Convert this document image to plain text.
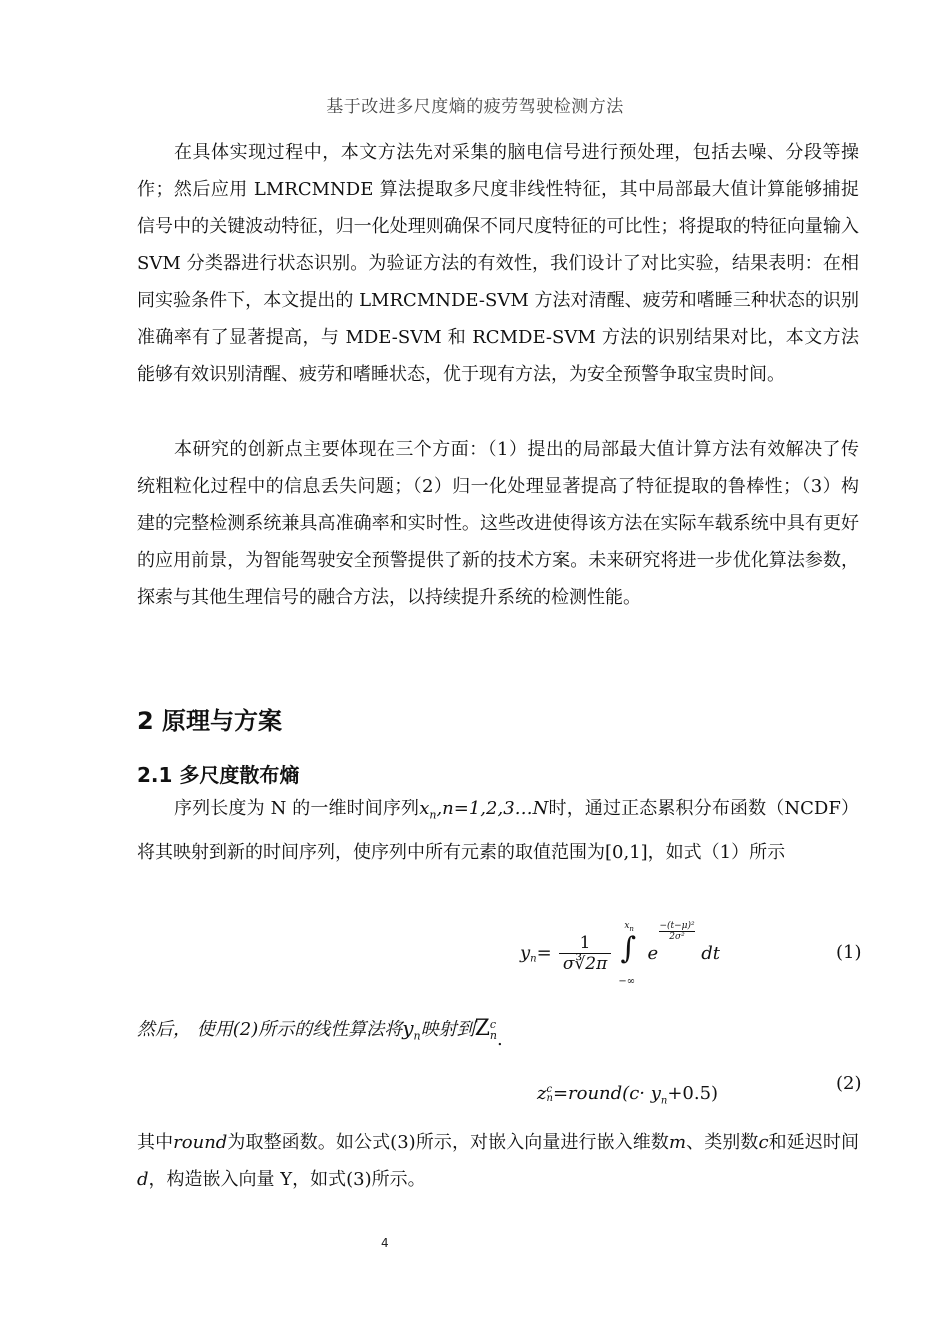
基于改进多尺度熵的疲劳驾驶检测方法

在具体实现过程中，本文方法先对采集的脑电信号进行预处理，包括去噪、分段等操作；然后应用 LMRCMNDE 算法提取多尺度非线性特征，其中局部最大值计算能够捕捉信号中的关键波动特征，归一化处理则确保不同尺度特征的可比性；将提取的特征向量输入 SVM 分类器进行状态识别。为验证方法的有效性，我们设计了对比实验，结果表明：在相同实验条件下，本文提出的 LMRCMNDE-SVM 方法对清醒、疲劳和嗜睡三种状态的识别准确率有了显著提高，与 MDE-SVM 和 RCMDE-SVM 方法的识别结果对比，本文方法能够有效识别清醒、疲劳和嗜睡状态，优于现有方法，为安全预警争取宝贵时间。

本研究的创新点主要体现在三个方面：（1）提出的局部最大值计算方法有效解决了传统粗粒化过程中的信息丢失问题；（2）归一化处理显著提高了特征提取的鲁棒性；（3）构建的完整检测系统兼具高准确率和实时性。这些改进使得该方法在实际车载系统中具有更好的应用前景，为智能驾驶安全预警提供了新的技术方案。未来研究将进一步优化算法参数，探索与其他生理信号的融合方法，以持续提升系统的检测性能。

2 原理与方案
2.1 多尺度散布熵

序列长度为 N 的一维时间序列$x_n,n=1,2,3\dots N$时，通过正态累积分布函数（NCDF）将其映射到新的时间序列，使序列中所有元素的取值范围为[0,1]，如式（1）所示

$y_n= \frac{1}{\sigma∛2\pi}$
∫
$x_n$
−∞
e
$\frac{\text{−(t−μ)²}}{\text{2σ²}}$
dt	(1)
然后， 使用(2)所示的线性算法将$y_n$映射到Z c
n .
z c
n =round(c· $y_n+0.5$)	(2)

其中round为取整函数。如公式(3)所示，对嵌入向量进行嵌入维数m、类别数c和延迟时间d，构造嵌入向量 Y，如式(3)所示。

4
